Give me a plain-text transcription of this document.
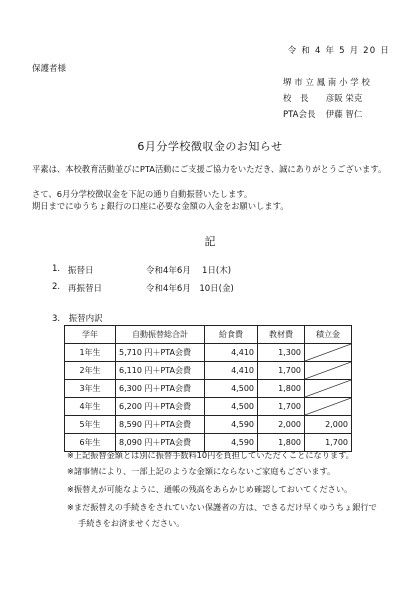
令 和 4 年 5 月 20 日
保護者様
堺 市 立 鳳 南 小 学 校
校　長 彦阪 栄克
PTA会長 伊藤 智仁
6月分学校徴収金のお知らせ
平素は、本校教育活動並びにPTA活動にご支援ご協力をいただき、誠にありがとうございます。
さて、6月分学校徴収金を下記の通り自動振替いたします。
期日までにゆうちょ銀行の口座に必要な金額の入金をお願いします。
記
1. 振替日	令和4年6月　 1日(木)
2. 再振替日	令和4年6月　10日(金)
3.　振替内訳
学年	自動振替総合計	給食費	教材費	積立金
1年生	5,710 円＋PTA会費	4,410	1,300	

2年生	6,110 円＋PTA会費	4,410	1,700	

3年生	6,300 円＋PTA会費	4,500	1,800	

4年生	6,200 円＋PTA会費	4,500	1,700	

5年生	8,590 円＋PTA会費	4,590	2,000	2,000
6年生	8,090 円＋PTA会費	4,590	1,800	1,700
※上記振替金額とは別に振替手数料10円を負担していただくことになります。
※諸事情により、一部上記のような金額にならないご家庭もございます。
※振替えが可能なように、通帳の残高をあらかじめ確認しておいてください。
※まだ振替えの手続きをされていない保護者の方は、できるだけ早くゆうちょ銀行で
手続きをお済ませください。
